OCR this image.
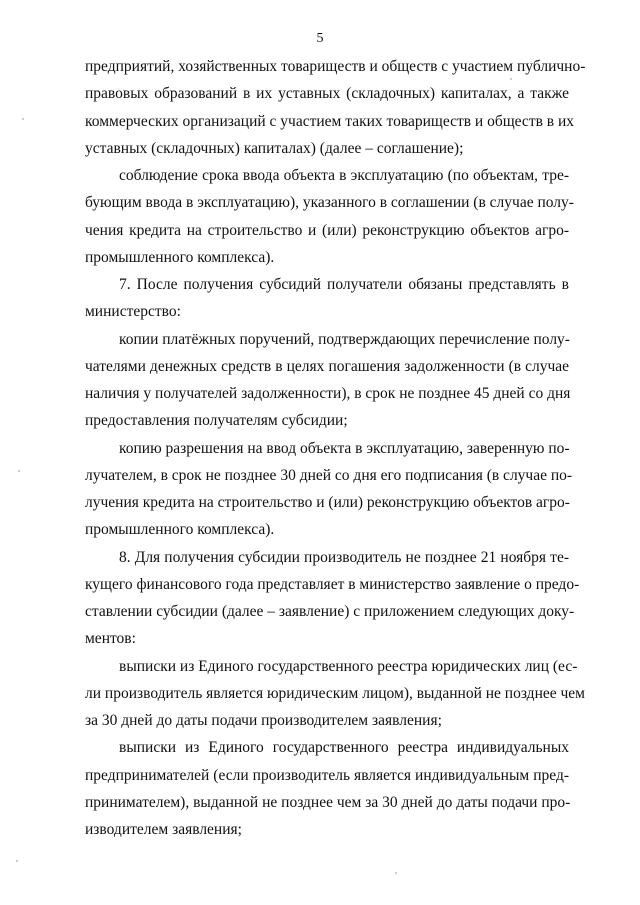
5
предприятий, хозяйственных товариществ и обществ с участием публично-
правовых образований в их уставных (складочных) капиталах, а также
коммерческих организаций с участием таких товариществ и обществ в их
уставных (складочных) капиталах) (далее – соглашение);
соблюдение срока ввода объекта в эксплуатацию (по объектам, тре-
бующим ввода в эксплуатацию), указанного в соглашении (в случае полу-
чения кредита на строительство и (или) реконструкцию объектов агро-
промышленного комплекса).
7. После получения субсидий получатели обязаны представлять в
министерство:
копии платёжных поручений, подтверждающих перечисление полу-
чателями денежных средств в целях погашения задолженности (в случае
наличия у получателей задолженности), в срок не позднее 45 дней со дня
предоставления получателям субсидии;
копию разрешения на ввод объекта в эксплуатацию, заверенную по-
лучателем, в срок не позднее 30 дней со дня его подписания (в случае по-
лучения кредита на строительство и (или) реконструкцию объектов агро-
промышленного комплекса).
8. Для получения субсидии производитель не позднее 21 ноября те-
кущего финансового года представляет в министерство заявление о предо-
ставлении субсидии (далее – заявление) с приложением следующих доку-
ментов:
выписки из Единого государственного реестра юридических лиц (ес-
ли производитель является юридическим лицом), выданной не позднее чем
за 30 дней до даты подачи производителем заявления;
выписки из Единого государственного реестра индивидуальных
предпринимателей (если производитель является индивидуальным пред-
принимателем), выданной не позднее чем за 30 дней до даты подачи про-
изводителем заявления;
